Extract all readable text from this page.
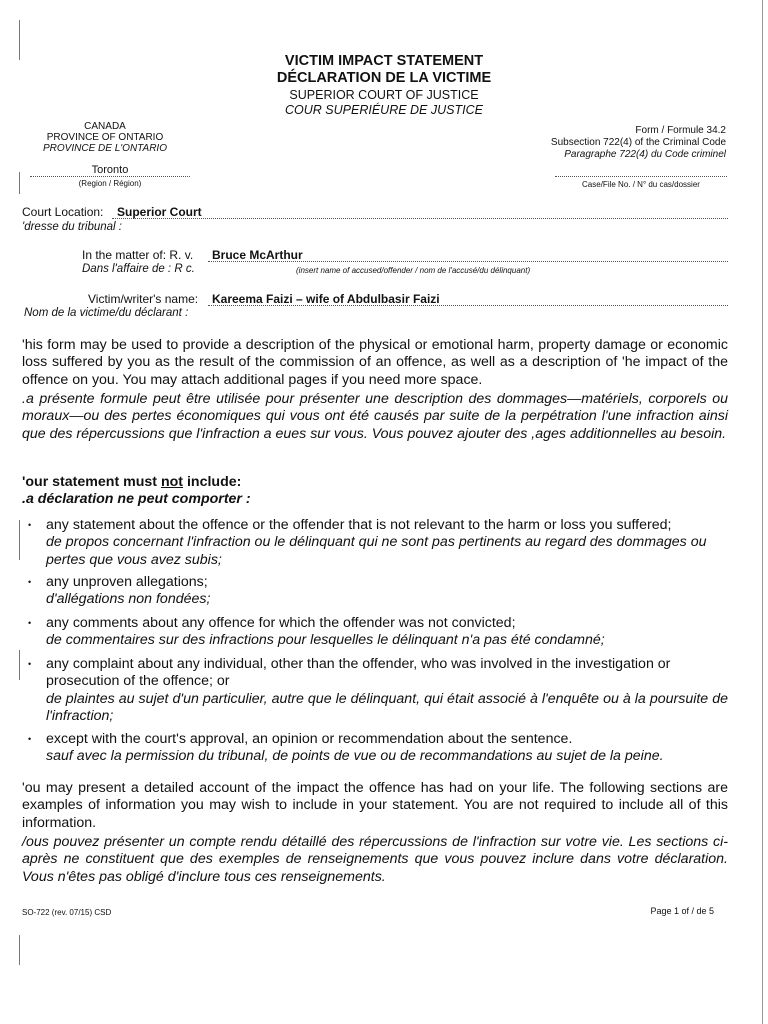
VICTIM IMPACT STATEMENT
DÉCLARATION DE LA VICTIME
SUPERIOR COURT OF JUSTICE
COUR SUPERIÉURE DE JUSTICE
CANADA
PROVINCE OF ONTARIO
PROVINCE DE L'ONTARIO
Toronto
(Region / Région)
Form / Formule 34.2
Subsection 722(4) of the Criminal Code
Paragraphe 722(4) du Code criminel
Case/File No. / N° du cas/dossier
Court Location:	Superior Court
'dresse du tribunal :
In the matter of: R. v.	Bruce McArthur
Dans l'affaire de : R c.	(insert name of accused/offender / nom de l'accusé/du délinquant)
Victim/writer's name:	Kareema Faizi – wife of Abdulbasir Faizi
Nom de la victime/du déclarant :
'his form may be used to provide a description of the physical or emotional harm, property damage or economic loss suffered by you as the result of the commission of an offence, as well as a description of 'he impact of the offence on you. You may attach additional pages if you need more space.
.a présente formule peut être utilisée pour présenter une description des dommages—matériels, corporels ou moraux—ou des pertes économiques qui vous ont été causés par suite de la perpétration l'une infraction ainsi que des répercussions que l'infraction a eues sur vous. Vous pouvez ajouter des ,ages additionnelles au besoin.
'our statement must not include:
.a déclaration ne peut comporter :
• any statement about the offence or the offender that is not relevant to the harm or loss you suffered;
de propos concernant l'infraction ou le délinquant qui ne sont pas pertinents au regard des dommages ou pertes que vous avez subis;
• any unproven allegations;
d'allégations non fondées;
• any comments about any offence for which the offender was not convicted;
de commentaires sur des infractions pour lesquelles le délinquant n'a pas été condamné;
• any complaint about any individual, other than the offender, who was involved in the investigation or prosecution of the offence; or
de plaintes au sujet d'un particulier, autre que le délinquant, qui était associé à l'enquête ou à la poursuite de l'infraction;
• except with the court's approval, an opinion or recommendation about the sentence.
sauf avec la permission du tribunal, de points de vue ou de recommandations au sujet de la peine.
'ou may present a detailed account of the impact the offence has had on your life. The following sections are examples of information you may wish to include in your statement. You are not required to include all of this information.
/ous pouvez présenter un compte rendu détaillé des répercussions de l'infraction sur votre vie. Les sections ci-après ne constituent que des exemples de renseignements que vous pouvez inclure dans votre déclaration. Vous n'êtes pas obligé d'inclure tous ces renseignements.
SO-722 (rev. 07/15) CSD	Page 1 of / de 5
